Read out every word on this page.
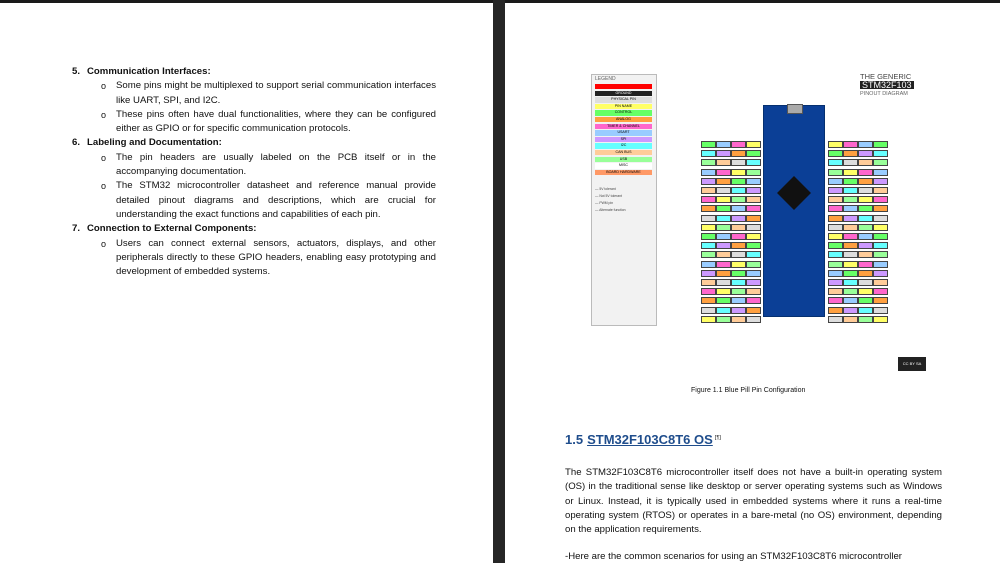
5. Communication Interfaces:
o Some pins might be multiplexed to support serial communication interfaces like UART, SPI, and I2C.
o These pins often have dual functionalities, where they can be configured either as GPIO or for specific communication protocols.
6. Labeling and Documentation:
o The pin headers are usually labeled on the PCB itself or in the accompanying documentation.
o The STM32 microcontroller datasheet and reference manual provide detailed pinout diagrams and descriptions, which are crucial for understanding the exact functions and capabilities of each pin.
7. Connection to External Components:
o Users can connect external sensors, actuators, displays, and other peripherals directly to these GPIO headers, enabling easy prototyping and development of embedded systems.
LEGEND
GROUND
PHYSICAL PIN
PIN NAME
CONTROL
ANALOG
TIMER & CHANNEL
USART
SPI
I2C
CAN BUS
USB
MISC
BOARD HARDWARE
— 5V tolerant
— Not 5V tolerant
— PWM pin
— Alternate function
THE GENERIC
STM32F103
PINOUT DIAGRAM
CC BY SA
Figure 1.1 Blue Pill Pin Configuration
1.5 STM32F103C8T6 OS [¶]
The STM32F103C8T6 microcontroller itself does not have a built-in operating system (OS) in the traditional sense like desktop or server operating systems such as Windows or Linux. Instead, it is typically used in embedded systems where it runs a real-time operating system (RTOS) or operates in a bare-metal (no OS) environment, depending on the application requirements.
-Here are the common scenarios for using an STM32F103C8T6 microcontroller
